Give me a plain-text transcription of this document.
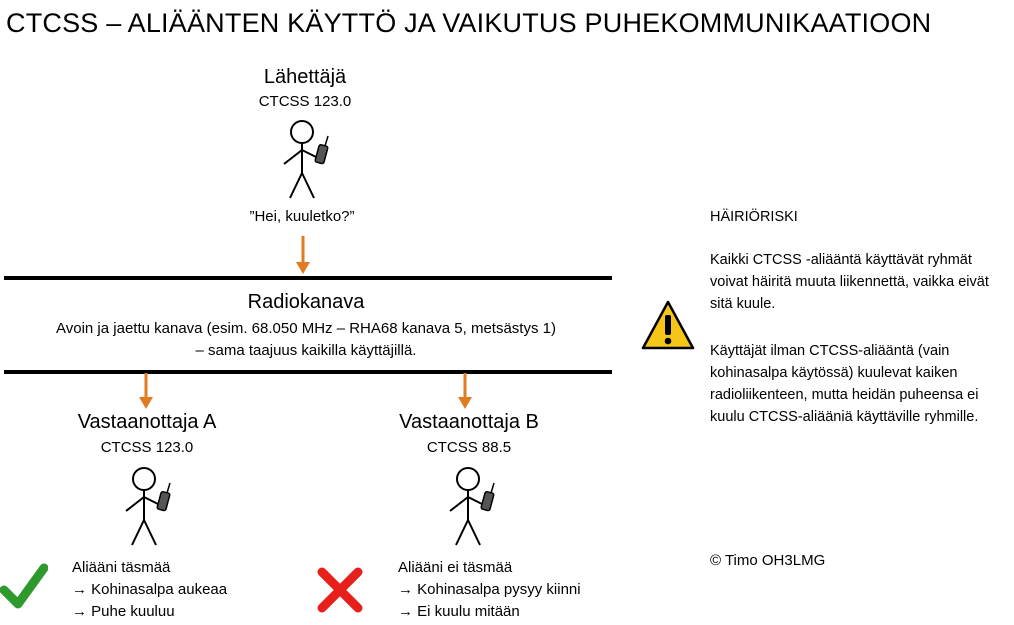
CTCSS – ALIÄÄNTEN KÄYTTÖ JA VAIKUTUS PUHEKOMMUNIKAATIOON
Lähettäjä
CTCSS 123.0
”Hei, kuuletko?”
Radiokanava
Avoin ja jaettu kanava (esim. 68.050 MHz – RHA68 kanava 5, metsästys 1)
– sama taajuus kaikilla käyttäjillä.
Vastaanottaja A
CTCSS 123.0
Aliääni täsmää
→ Kohinasalpa aukeaa
→ Puhe kuuluu
Vastaanottaja B
CTCSS 88.5
Aliääni ei täsmää
→ Kohinasalpa pysyy kiinni
→ Ei kuulu mitään
HÄIRIÖRISKI
Kaikki CTCSS -aliääntä käyttävät ryhmät voivat häiritä muuta liikennettä, vaikka eivät sitä kuule.
Käyttäjät ilman CTCSS-aliääntä (vain kohinasalpa käytössä) kuulevat kaiken radioliikenteen, mutta heidän puheensa ei kuulu CTCSS-aliääniä käyttäville ryhmille.
© Timo OH3LMG
